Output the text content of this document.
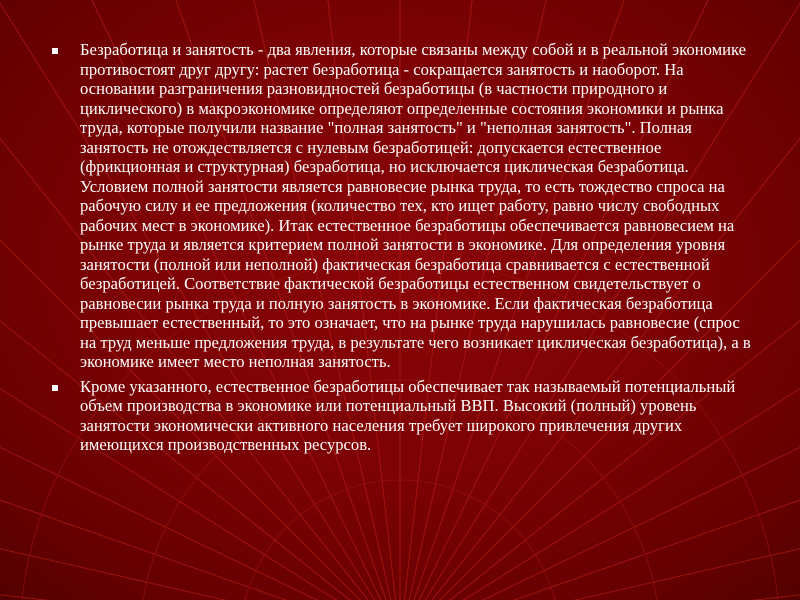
Безработица и занятость - два явления, которые связаны между собой и в реальной экономике противостоят друг другу: растет безработица - сокращается занятость и наоборот. На основании разграничения разновидностей безработицы (в частности природного и циклического) в макроэкономике определяют определенные состояния экономики и рынка труда, которые получили название "полная занятость" и "неполная занятость". Полная занятость не отождествляется с нулевым безработицей: допускается естественное (фрикционная и структурная) безработица, но исключается циклическая безработица. Условием полной занятости является равновесие рынка труда, то есть тождество спроса на рабочую силу и ее предложения (количество тех, кто ищет работу, равно числу свободных рабочих мест в экономике). Итак естественное безработицы обеспечивается равновесием на рынке труда и является критерием полной занятости в экономике. Для определения уровня занятости (полной или неполной) фактическая безработица сравнивается с естественной безработицей. Соответствие фактической безработицы естественном свидетельствует о равновесии рынка труда и полную занятость в экономике. Если фактическая безработица превышает естественный, то это означает, что на рынке труда нарушилась равновесие (спрос на труд меньше предложения труда, в результате чего возникает циклическая безработица), а в экономике имеет место неполная занятость.
Кроме указанного, естественное безработицы обеспечивает так называемый потенциальный объем производства в экономике или потенциальный ВВП. Высокий (полный) уровень занятости экономически активного населения требует широкого привлечения других имеющихся производственных ресурсов.
